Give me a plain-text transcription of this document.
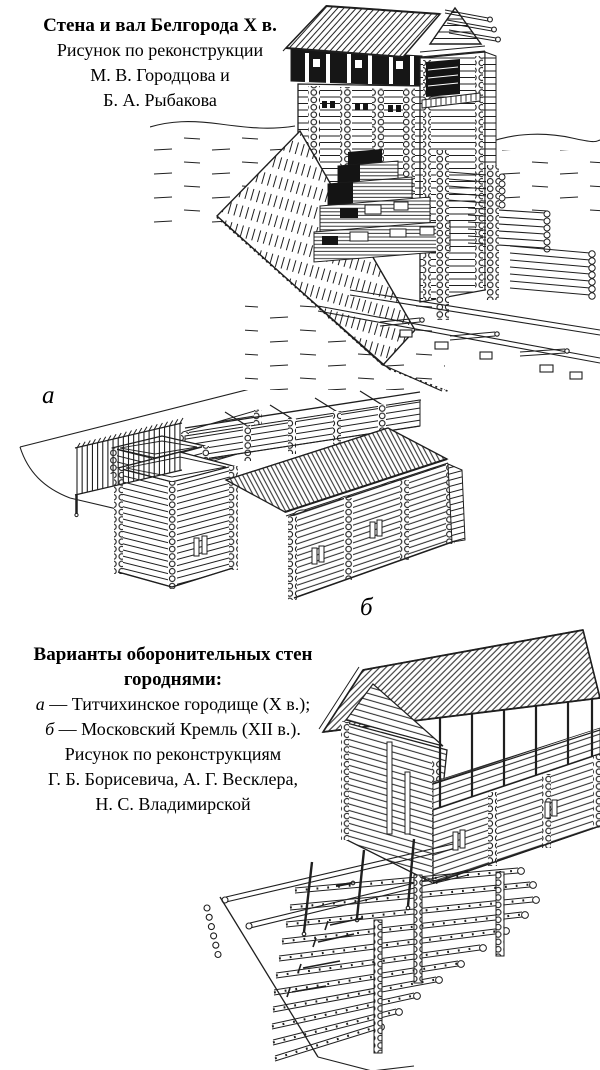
Стена и вал Белгорода X в.
Рисунок по реконструкции
М. В. Городцова и
Б. А. Рыбакова
а
б
Варианты оборонительных стен
городнями:
а — Титчихинское городище (X в.);
б — Московский Кремль (XII в.).
Рисунок по реконструкциям
Г. Б. Борисевича, А. Г. Весклера,
Н. С. Владимирской
